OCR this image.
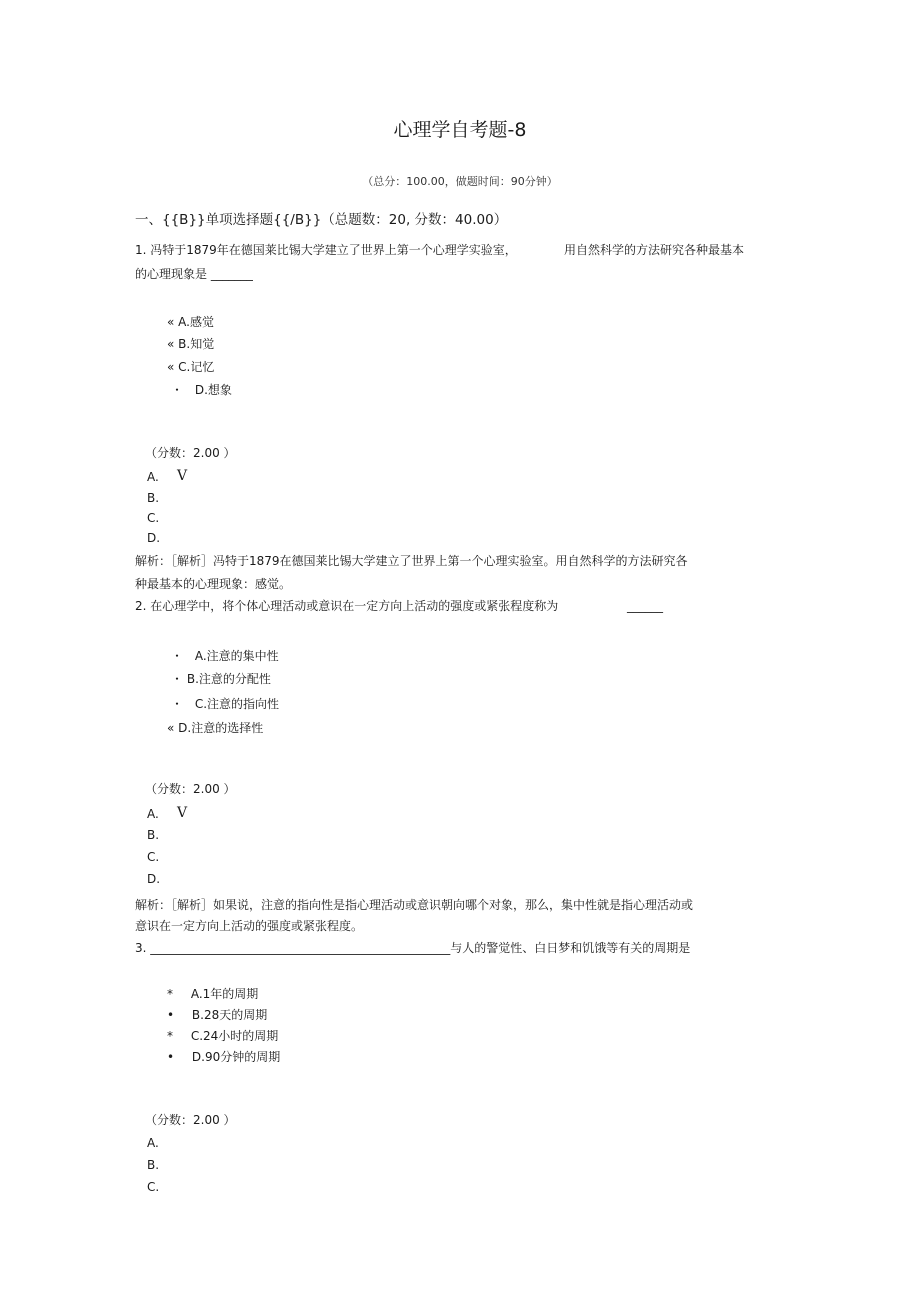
心理学自考题-8
（总分：100.00，做题时间：90分钟）
一、{{B}}单项选择题{{/B}}（总题数：20, 分数：40.00）
1. 冯特于1879年在德国莱比锡大学建立了世界上第一个心理学实验室，	用自然科学的方法研究各种最基本
的心理现象是 _______
« A.感觉
« B.知觉
« C.记忆
・ D.想象
（分数：2.00 ）
A. V
B.
C.
D.
解析：［解析］冯特于1879在德国莱比锡大学建立了世界上第一个心理实验室。用自然科学的方法研究各
种最基本的心理现象：感觉。
2. 在心理学中，将个体心理活动或意识在一定方向上活动的强度或紧张程度称为	______
・ A.注意的集中性
・ B.注意的分配性
・ C.注意的指向性
« D.注意的选择性
（分数：2.00 ）
A. V
B.
C.
D.
解析：［解析］如果说，注意的指向性是指心理活动或意识朝向哪个对象，那么，集中性就是指心理活动或
意识在一定方向上活动的强度或紧张程度。
3. __________________________________________________与人的警觉性、白日梦和饥饿等有关的周期是
* A.1年的周期
• B.28天的周期
* C.24小时的周期
• D.90分钟的周期
（分数：2.00 ）
A.
B.
C.
